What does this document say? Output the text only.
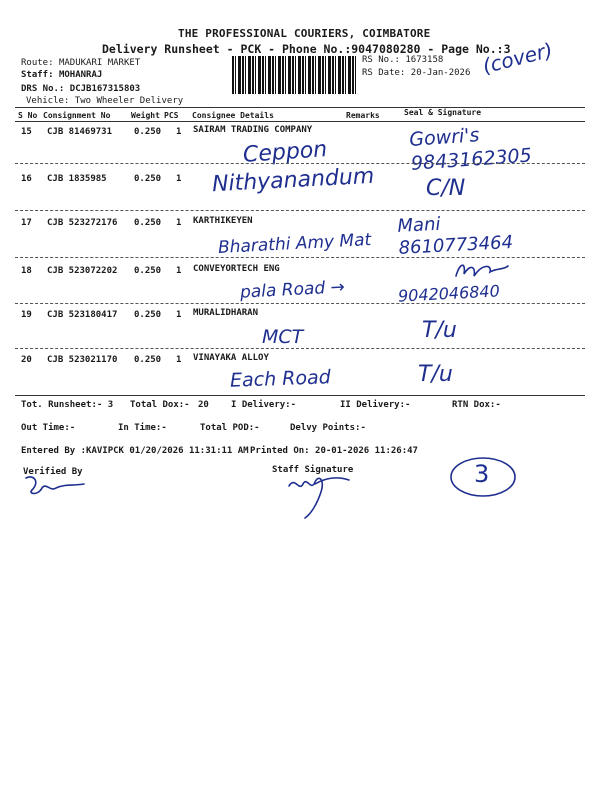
THE PROFESSIONAL COURIERS, COIMBATORE
Delivery Runsheet - PCK - Phone No.:9047080280 - Page No.:3
Route: MADUKARI MARKET
Staff: MOHANRAJ
DRS No.: DCJB167315803
Vehicle: Two Wheeler Delivery
RS No.: 1673158
RS Date: 20-Jan-2026 (cover)
S No Consignment No	Weight PCS Consignee Details	Remarks	Seal & Signature
15 CJB 81469731 0.250 1 SAIRAM TRADING COMPANY
Ceppon	Gowri's 9843162305
16 CJB 1835985	0.250 1 Nithyanandum C/N
17 CJB 523272176 0.250 1 KARTHIKEYEN
Bharathi Amy Mat
Mani 8610773464
18 CJB 523072202 0.250 1 CONVEYORTECH ENG
pala Road →	9042046840
19 CJB 523180417 0.250 1 MURALIDHARAN
MCT	T/u
20 CJB 523021170 0.250 1 VINAYAKA ALLOY
Each Road	T/u
Tot. Runsheet:- 3 Total Dox:- 20 I Delivery:-	II Delivery:-	RTN Dox:-
Out Time:-	In Time:-	Total POD:-	Delvy Points:-
Entered By :KAVIPCK 01/20/2026 11:31:11 AM Printed On: 20-01-2026 11:26:47
Verified By	Staff Signature	3
